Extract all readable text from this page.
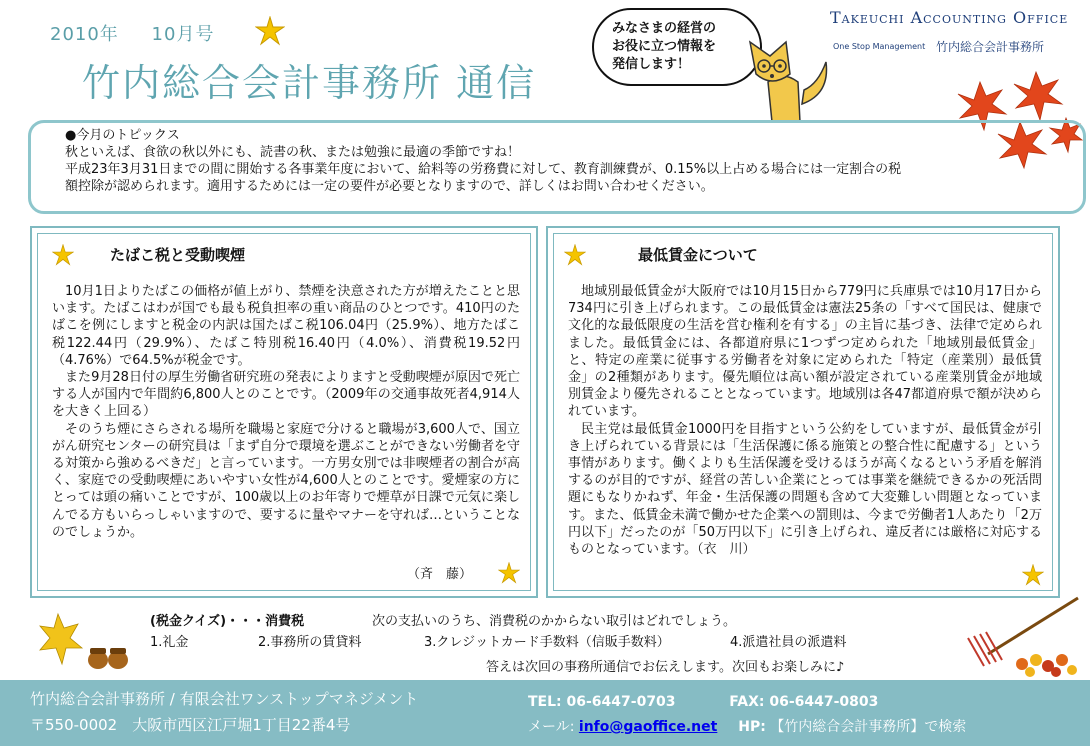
2010年 10月号
竹内総合会計事務所 通信
みなさまの経営の
お役に立つ情報を
発信します！
Takeuchi Accounting Office
One Stop Management 竹内総合会計事務所

●今月のトピックス

秋といえば、食欲の秋以外にも、読書の秋、または勉強に最適の季節ですね！

平成23年3月31日までの間に開始する各事業年度において、給料等の労務費に対して、教育訓練費が、0.15%以上占める場合には一定割合の税

額控除が認められます。適用するためには一定の要件が必要となりますので、詳しくはお問い合わせください。

たばこ税と受動喫煙

10月1日よりたばこの価格が値上がり、禁煙を決意された方が増えたことと思います。たばこはわが国でも最も税負担率の重い商品のひとつです。410円のたばこを例にしますと税金の内訳は国たばこ税106.04円（25.9%）、地方たばこ税122.44円（29.9%）、たばこ特別税16.40円（4.0%）、消費税19.52円（4.76%）で64.5%が税金です。

また9月28日付の厚生労働省研究班の発表によりますと受動喫煙が原因で死亡する人が国内で年間約6,800人とのことです。（2009年の交通事故死者4,914人を大きく上回る）

そのうち煙にさらされる場所を職場と家庭で分けると職場が3,600人で、国立がん研究センターの研究員は「まず自分で環境を選ぶことができない労働者を守る対策から強めるべきだ」と言っています。一方男女別では非喫煙者の割合が高く、家庭での受動喫煙にあいやすい女性が4,600人とのことです。愛煙家の方にとっては頭の痛いことですが、100歳以上のお年寄りで煙草が日課で元気に楽しんでる方もいらっしゃいますので、要するに量やマナーを守れば…ということなのでしょうか。

（斉　藤）
最低賃金について

地域別最低賃金が大阪府では10月15日から779円に兵庫県では10月17日から734円に引き上げられます。この最低賃金は憲法25条の「すべて国民は、健康で文化的な最低限度の生活を営む権利を有する」の主旨に基づき、法律で定められました。最低賃金には、各都道府県に1つずつ定められた「地域別最低賃金」と、特定の産業に従事する労働者を対象に定められた「特定（産業別）最低賃金」の2種類があります。優先順位は高い額が設定されている産業別賃金が地域別賃金より優先されることとなっています。地域別は各47都道府県で額が決められています。

民主党は最低賃金1000円を目指すという公約をしていますが、最低賃金が引き上げられている背景には「生活保護に係る施策との整合性に配慮する」という事情があります。働くよりも生活保護を受けるほうが高くなるという矛盾を解消するのが目的ですが、経営の苦しい企業にとっては事業を継続できるかの死活問題にもなりかねず、年金・生活保護の問題も含めて大変難しい問題となっています。また、低賃金未満で働かせた企業への罰則は、今まで労働者1人あたり「2万円以下」だったのが「50万円以下」に引き上げられ、違反者には厳格に対応するものとなっています。（衣　川）

(税金クイズ)・・・消費税	次の支払いのうち、消費税のかからない取引はどれでしょう。
1.礼金	2.事務所の賃貸料	3.クレジットカード手数料（信販手数料）	4.派遣社員の派遣料
答えは次回の事務所通信でお伝えします。次回もお楽しみに♪
竹内総合会計事務所 / 有限会社ワンストップマネジメント
〒550-0002　大阪市西区江戸堀1丁目22番4号
TEL: 06-6447-0703	FAX: 06-6447-0803
メール: info@gaoffice.net HP: 【竹内総合会計事務所】で検索
